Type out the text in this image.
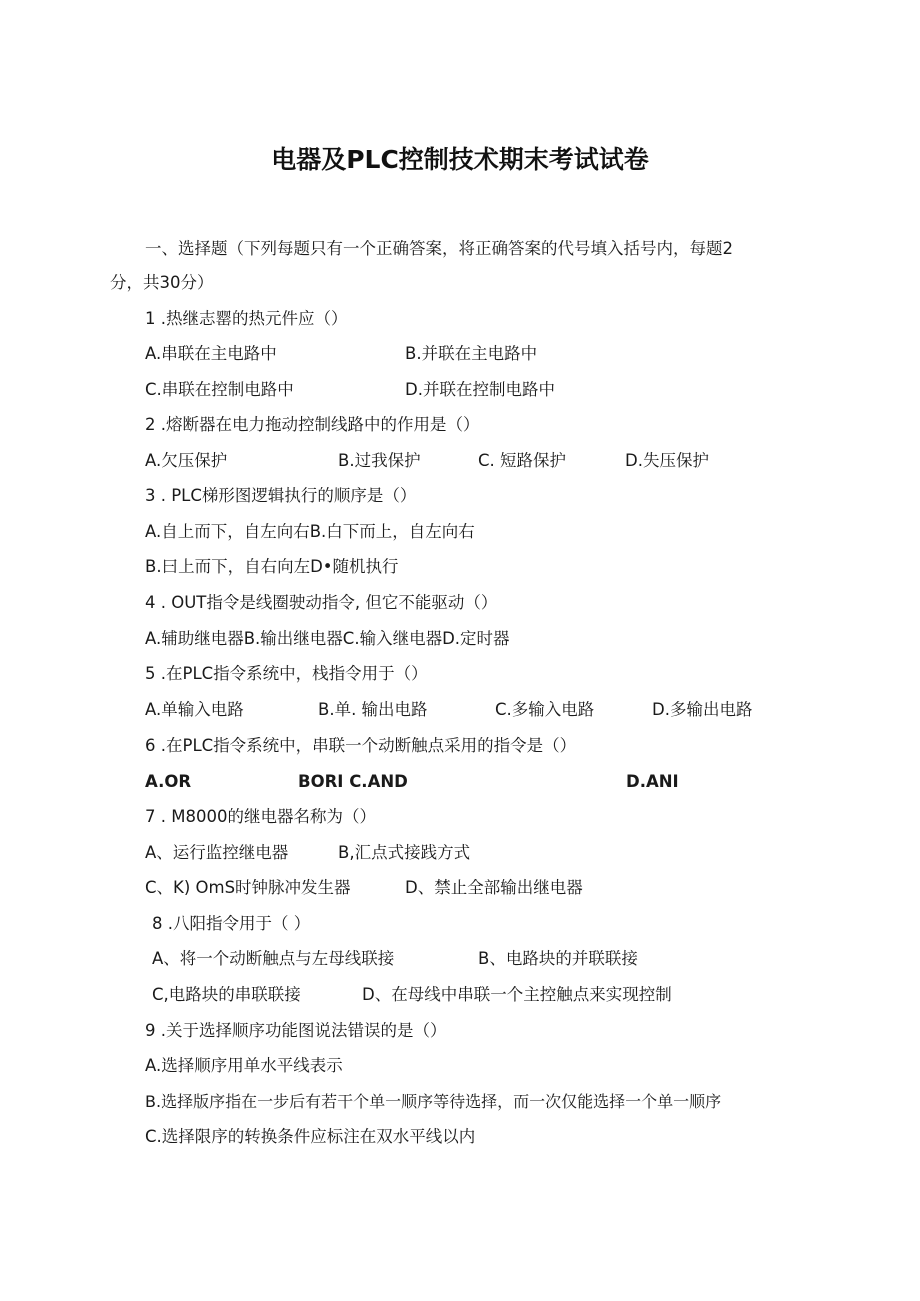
电器及PLC控制技术期末考试试卷
一、选择题（下列每题只有一个正确答案，将正确答案的代号填入括号内，每题2
分，共30分）
1 .热继志罂的热元件应（）
A.串联在主电路中	B.并联在主电路中
C.串联在控制电路中	D.并联在控制电路中
2 .熔断器在电力拖动控制线路中的作用是（）
A.欠压保护	B.过我保护	C. 短路保护	D.失压保护
3 . PLC梯形图逻辑执行的顺序是（）
A.自上而下，自左向右B.白下而上，自左向右
B.曰上而下，自右向左D•随机执行
4 . OUT指令是线圈驶动指令, 但它不能驱动（）
A.辅助继电器B.输出继电器C.输入继电器D.定时器
5 .在PLC指令系统中，栈指令用于（）
A.单输入电路	B.单. 输出电路	C.多输入电路	D.多输出电路
6 .在PLC指令系统中，串联一个动断触点采用的指令是（）
A.OR	BORI C.AND	D.ANI
7 . M8000的继电器名称为（）
A、运行监控继电器	B,汇点式接践方式
C、K) OmS时钟脉冲发生器	D、禁止全部输出继电器
8 .八阳指令用于（ ）
A、将一个动断触点与左母线联接	B、电路块的并联联接
C,电路块的串联联接	D、在母线中串联一个主控触点来实现控制
9 .关于选择顺序功能图说法错误的是（）
A.选择顺序用单水平线表示
B.选择版序指在一步后有若干个单一顺序等待选择，而一次仅能选择一个单一顺序
C.选择限序的转换条件应标注在双水平线以内
